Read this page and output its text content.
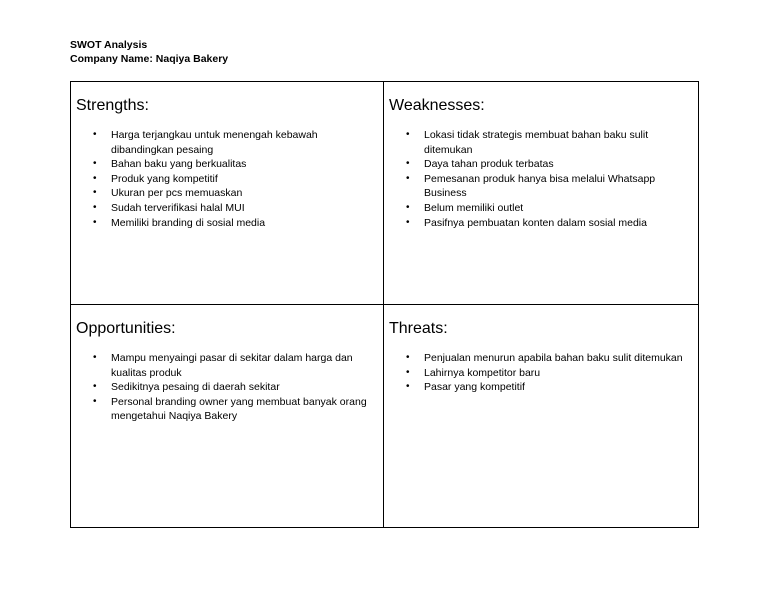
SWOT Analysis
Company Name: Naqiya Bakery
Strengths:
• Harga terjangkau untuk menengah kebawah dibandingkan pesaing
• Bahan baku yang berkualitas
• Produk yang kompetitif
• Ukuran per pcs memuaskan
• Sudah terverifikasi halal MUI
• Memiliki branding di sosial media
Weaknesses:
• Lokasi tidak strategis membuat bahan baku sulit ditemukan
• Daya tahan produk terbatas
• Pemesanan produk hanya bisa melalui Whatsapp Business
• Belum memiliki outlet
• Pasifnya pembuatan konten dalam sosial media
Opportunities:
• Mampu menyaingi pasar di sekitar dalam harga dan kualitas produk
• Sedikitnya pesaing di daerah sekitar
• Personal branding owner yang membuat banyak orang mengetahui Naqiya Bakery
Threats:
• Penjualan menurun apabila bahan baku sulit ditemukan
• Lahirnya kompetitor baru
• Pasar yang kompetitif
